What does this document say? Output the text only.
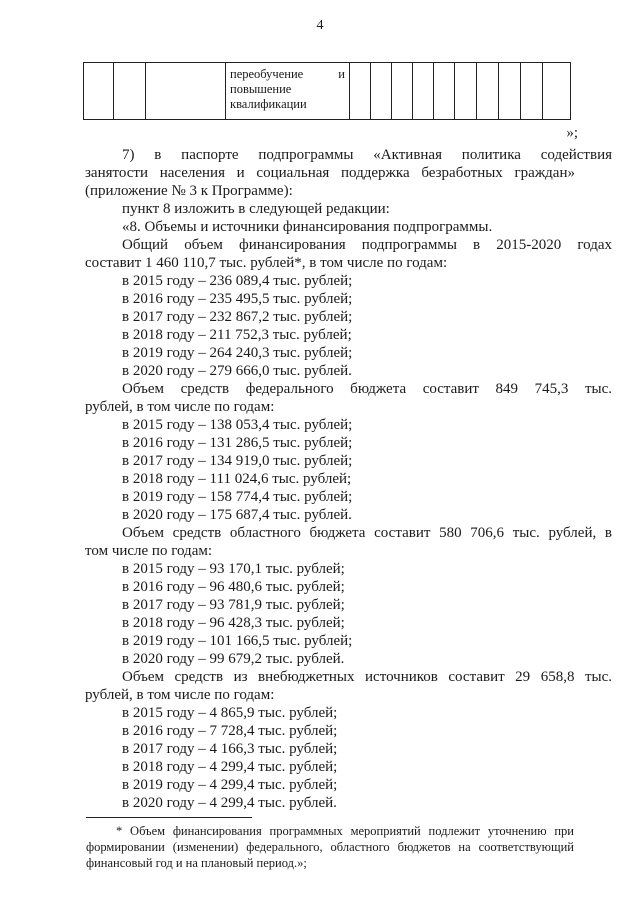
4

переобучение	и
повышение
квалификации

»;
7) в паспорте подпрограммы «Активная политика содействия
занятости населения и социальная поддержка безработных граждан»
(приложение № 3 к Программе):
пункт 8 изложить в следующей редакции:
«8. Объемы и источники финансирования подпрограммы.
Общий объем финансирования подпрограммы в 2015-2020 годах
составит 1 460 110,7 тыс. рублей*, в том числе по годам:
в 2015 году – 236 089,4 тыс. рублей;
в 2016 году – 235 495,5 тыс. рублей;
в 2017 году – 232 867,2 тыс. рублей;
в 2018 году – 211 752,3 тыс. рублей;
в 2019 году – 264 240,3 тыс. рублей;
в 2020 году – 279 666,0 тыс. рублей.
Объем средств федерального бюджета составит 849 745,3 тыс.
рублей, в том числе по годам:
в 2015 году – 138 053,4 тыс. рублей;
в 2016 году – 131 286,5 тыс. рублей;
в 2017 году – 134 919,0 тыс. рублей;
в 2018 году – 111 024,6 тыс. рублей;
в 2019 году – 158 774,4 тыс. рублей;
в 2020 году – 175 687,4 тыс. рублей.
Объем средств областного бюджета составит 580 706,6 тыс. рублей, в
том числе по годам:
в 2015 году – 93 170,1 тыс. рублей;
в 2016 году – 96 480,6 тыс. рублей;
в 2017 году – 93 781,9 тыс. рублей;
в 2018 году – 96 428,3 тыс. рублей;
в 2019 году – 101 166,5 тыс. рублей;
в 2020 году – 99 679,2 тыс. рублей.
Объем средств из внебюджетных источников составит 29 658,8 тыс.
рублей, в том числе по годам:
в 2015 году – 4 865,9 тыс. рублей;
в 2016 году – 7 728,4 тыс. рублей;
в 2017 году – 4 166,3 тыс. рублей;
в 2018 году – 4 299,4 тыс. рублей;
в 2019 году – 4 299,4 тыс. рублей;
в 2020 году – 4 299,4 тыс. рублей.
* Объем финансирования программных мероприятий подлежит уточнению при
формировании (изменении) федерального, областного бюджетов на соответствующий
финансовый год и на плановый период.»;
